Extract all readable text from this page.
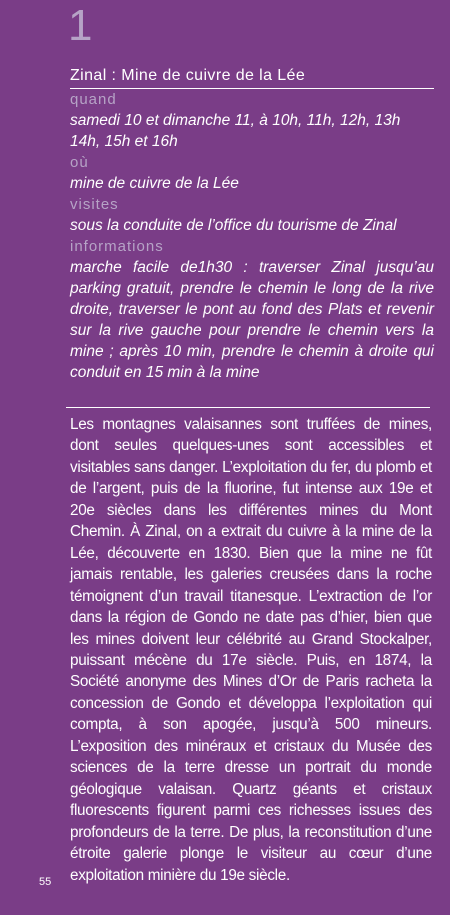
1
Zinal : Mine de cuivre de la Lée
quand
samedi 10 et dimanche 11, à 10h, 11h, 12h, 13h 14h, 15h et 16h
où
mine de cuivre de la Lée
visites
sous la conduite de l’office du tourisme de Zinal
informations
marche facile de1h30 : traverser Zinal jusqu’au parking gratuit, prendre le chemin le long de la rive droite, traverser le pont au fond des Plats et revenir sur la rive gauche pour prendre le chemin vers la mine ; après 10 min, prendre le chemin à droite qui conduit en 15 min à la mine
Les montagnes valaisannes sont truffées de mines, dont seules quelques-unes sont accessibles et visitables sans danger. L’exploitation du fer, du plomb et de l’argent, puis de la fluorine, fut intense aux 19e et 20e siècles dans les différentes mines du Mont Chemin. À Zinal, on a extrait du cuivre à la mine de la Lée, découverte en 1830. Bien que la mine ne fût jamais rentable, les galeries creusées dans la roche témoignent d’un travail titanesque. L’extraction de l’or dans la région de Gondo ne date pas d’hier, bien que les mines doivent leur célébrité au Grand Stockalper, puissant mécène du 17e siècle. Puis, en 1874, la Société anonyme des Mines d’Or de Paris racheta la concession de Gondo et développa l’exploitation qui compta, à son apogée, jusqu’à 500 mineurs. L’exposition des minéraux et cristaux du Musée des sciences de la terre dresse un portrait du monde géologique valaisan. Quartz géants et cristaux fluorescents figurent parmi ces richesses issues des profondeurs de la terre. De plus, la reconstitution d’une étroite galerie plonge le visiteur au cœur d’une exploitation minière du 19e siècle.
55
